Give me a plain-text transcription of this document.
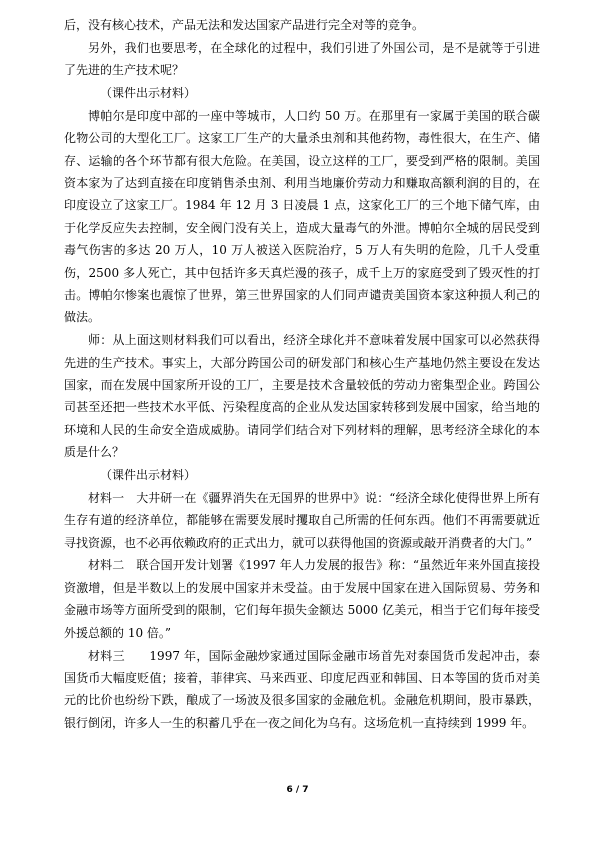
后，没有核心技术，产品无法和发达国家产品进行完全对等的竞争。

另外，我们也要思考，在全球化的过程中，我们引进了外国公司，是不是就等于引进了先进的生产技术呢？

（课件出示材料）

博帕尔是印度中部的一座中等城市，人口约 50 万。在那里有一家属于美国的联合碳化物公司的大型化工厂。这家工厂生产的大量杀虫剂和其他药物，毒性很大，在生产、储存、运输的各个环节都有很大危险。在美国，设立这样的工厂，要受到严格的限制。美国资本家为了达到直接在印度销售杀虫剂、利用当地廉价劳动力和赚取高额利润的目的，在印度设立了这家工厂。1984 年 12 月 3 日凌晨 1 点，这家化工厂的三个地下储气库，由于化学反应失去控制，安全阀门没有关上，造成大量毒气的外泄。博帕尔全城的居民受到毒气伤害的多达 20 万人，10 万人被送入医院治疗，5 万人有失明的危险，几千人受重伤，2500 多人死亡，其中包括许多天真烂漫的孩子，成千上万的家庭受到了毁灭性的打击。博帕尔惨案也震惊了世界，第三世界国家的人们同声谴责美国资本家这种损人利己的做法。

师：从上面这则材料我们可以看出，经济全球化并不意味着发展中国家可以必然获得先进的生产技术。事实上，大部分跨国公司的研发部门和核心生产基地仍然主要设在发达国家，而在发展中国家所开设的工厂，主要是技术含量较低的劳动力密集型企业。跨国公司甚至还把一些技术水平低、污染程度高的企业从发达国家转移到发展中国家，给当地的环境和人民的生命安全造成威胁。请同学们结合对下列材料的理解，思考经济全球化的本质是什么？

（课件出示材料）

材料一　大井研一在《疆界消失在无国界的世界中》说：“经济全球化使得世界上所有生存有道的经济单位，都能够在需要发展时攫取自己所需的任何东西。他们不再需要就近寻找资源，也不必再依赖政府的正式出力，就可以获得他国的资源或敲开消费者的大门。”

材料二　联合国开发计划署《1997 年人力发展的报告》称：“虽然近年来外国直接投资激增，但是半数以上的发展中国家并未受益。由于发展中国家在进入国际贸易、劳务和金融市场等方面所受到的限制，它们每年损失金额达 5000 亿美元，相当于它们每年接受外援总额的 10 倍。”

材料三　　1997 年，国际金融炒家通过国际金融市场首先对泰国货币发起冲击，泰国货币大幅度贬值；接着，菲律宾、马来西亚、印度尼西亚和韩国、日本等国的货币对美元的比价也纷纷下跌，酿成了一场波及很多国家的金融危机。金融危机期间，股市暴跌，银行倒闭，许多人一生的积蓄几乎在一夜之间化为乌有。这场危机一直持续到 1999 年。

6 / 7
